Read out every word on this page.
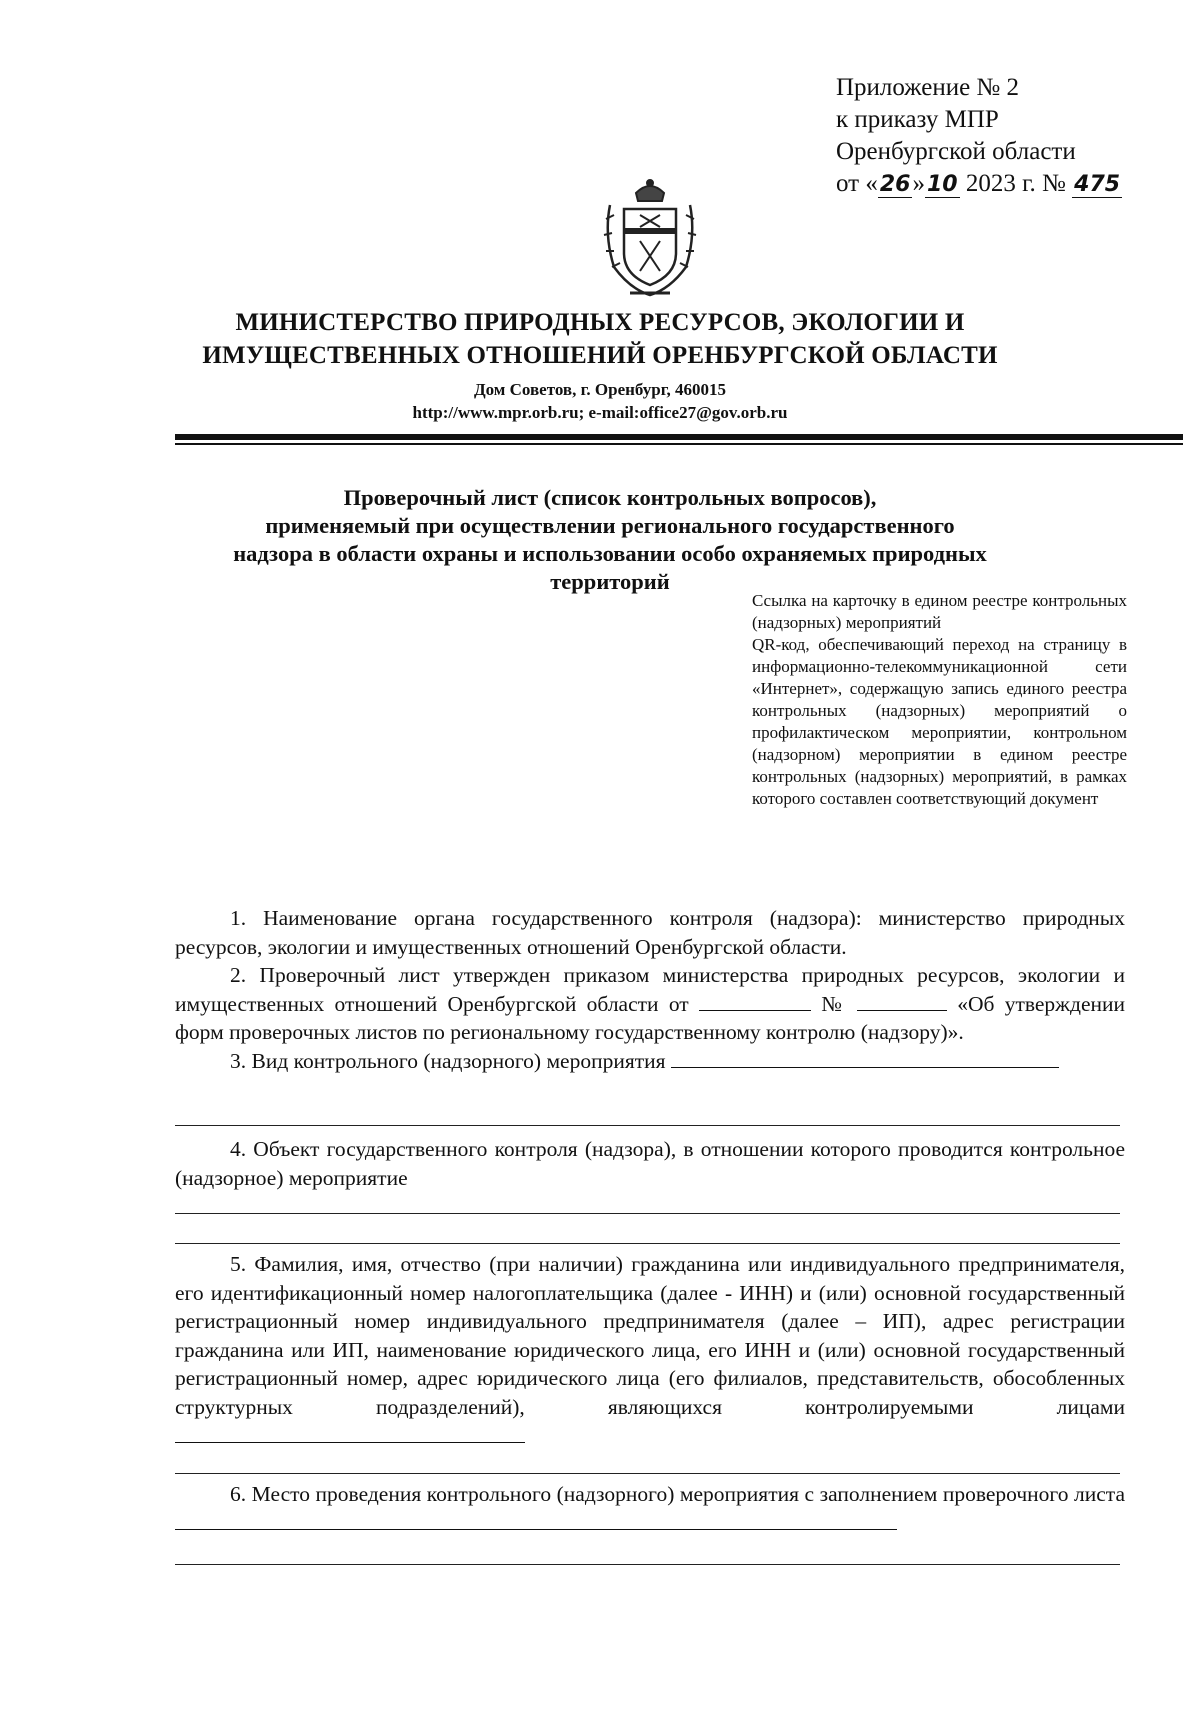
Приложение № 2
к приказу МПР
Оренбургской области
от «26»10 2023 г. № 475
МИНИСТЕРСТВО ПРИРОДНЫХ РЕСУРСОВ, ЭКОЛОГИИ И
ИМУЩЕСТВЕННЫХ ОТНОШЕНИЙ ОРЕНБУРГСКОЙ ОБЛАСТИ
Дом Советов, г. Оренбург, 460015
http://www.mpr.orb.ru; e-mail:office27@gov.orb.ru
Проверочный лист (список контрольных вопросов),
применяемый при осуществлении регионального государственного
надзора в области охраны и использовании особо охраняемых природных
территорий
Ссылка на карточку в едином реестре контрольных (надзорных) мероприятий
QR-код, обеспечивающий переход на страницу в информационно-телекоммуникационной сети «Интернет», содержащую запись единого реестра контрольных (надзорных) мероприятий о профилактическом мероприятии, контрольном (надзорном) мероприятии в едином реестре контрольных (надзорных) мероприятий, в рамках которого составлен соответствующий документ

1. Наименование органа государственного контроля (надзора): министерство природных ресурсов, экологии и имущественных отношений Оренбургской области.

2. Проверочный лист утвержден приказом министерства природных ресурсов, экологии и имущественных отношений Оренбургской области от	№	«Об утверждении форм проверочных листов по региональному государственному контролю (надзору)».

3. Вид контрольного (надзорного) мероприятия

4. Объект государственного контроля (надзора), в отношении которого проводится контрольное (надзорное) мероприятие

5. Фамилия, имя, отчество (при наличии) гражданина или индивидуального предпринимателя, его идентификационный номер налогоплательщика (далее - ИНН) и (или) основной государственный регистрационный номер индивидуального предпринимателя (далее – ИП), адрес регистрации гражданина или ИП, наименование юридического лица, его ИНН и (или) основной государственный регистрационный номер, адрес юридического лица (его филиалов, представительств, обособленных структурных подразделений), являющихся контролируемыми лицами

6. Место проведения контрольного (надзорного) мероприятия с заполнением проверочного листа
